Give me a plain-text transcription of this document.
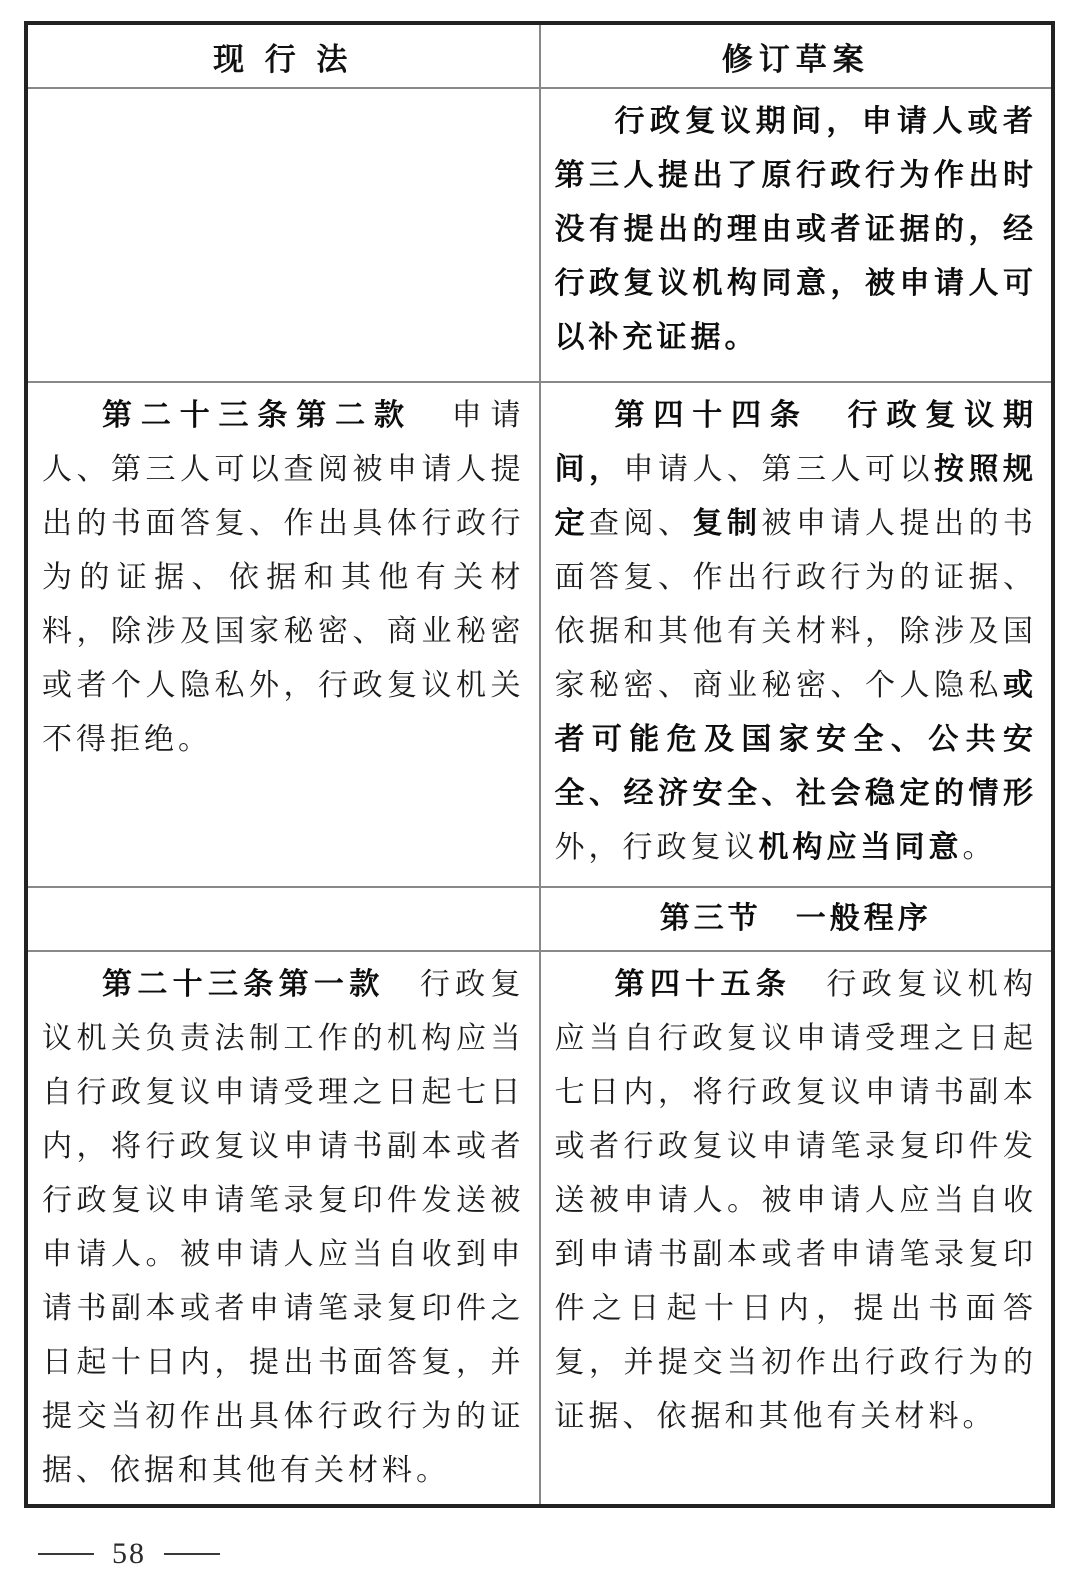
现 行 法	修订草案

	行政复议期间，申请人或者第三人提出了原行政行为作出时没有提出的理由或者证据的，经行政复议机构同意，被申请人可以补充证据。

第二十三条第二款　申请人、第三人可以查阅被申请人提出的书面答复、作出具体行政行为的证据、依据和其他有关材料，除涉及国家秘密、商业秘密或者个人隐私外，行政复议机关不得拒绝。	第四十四条　 行政复议期间，申请人、第三人可以按照规定查阅、复制被申请人提出的书面答复、作出行政行为的证据、依据和其他有关材料，除涉及国家秘密、商业秘密、个人隐私或者可能危及国家安全、公共安全、经济安全、社会稳定的情形外，行政复议机构应当同意。

	第三节　一般程序

第二十三条第一款　行政复议机关负责法制工作的机构应当自行政复议申请受理之日起七日内，将行政复议申请书副本或者行政复议申请笔录复印件发送被申请人。被申请人应当自收到申请书副本或者申请笔录复印件之日起十日内，提出书面答复，并提交当初作出具体行政行为的证据、依据和其他有关材料。	第四十五条　行政复议机构应当自行政复议申请受理之日起七日内，将行政复议申请书副本或者行政复议申请笔录复印件发送被申请人。被申请人应当自收到申请书副本或者申请笔录复印件之日起十日内，提出书面答复，并提交当初作出行政行为的证据、依据和其他有关材料。

58
